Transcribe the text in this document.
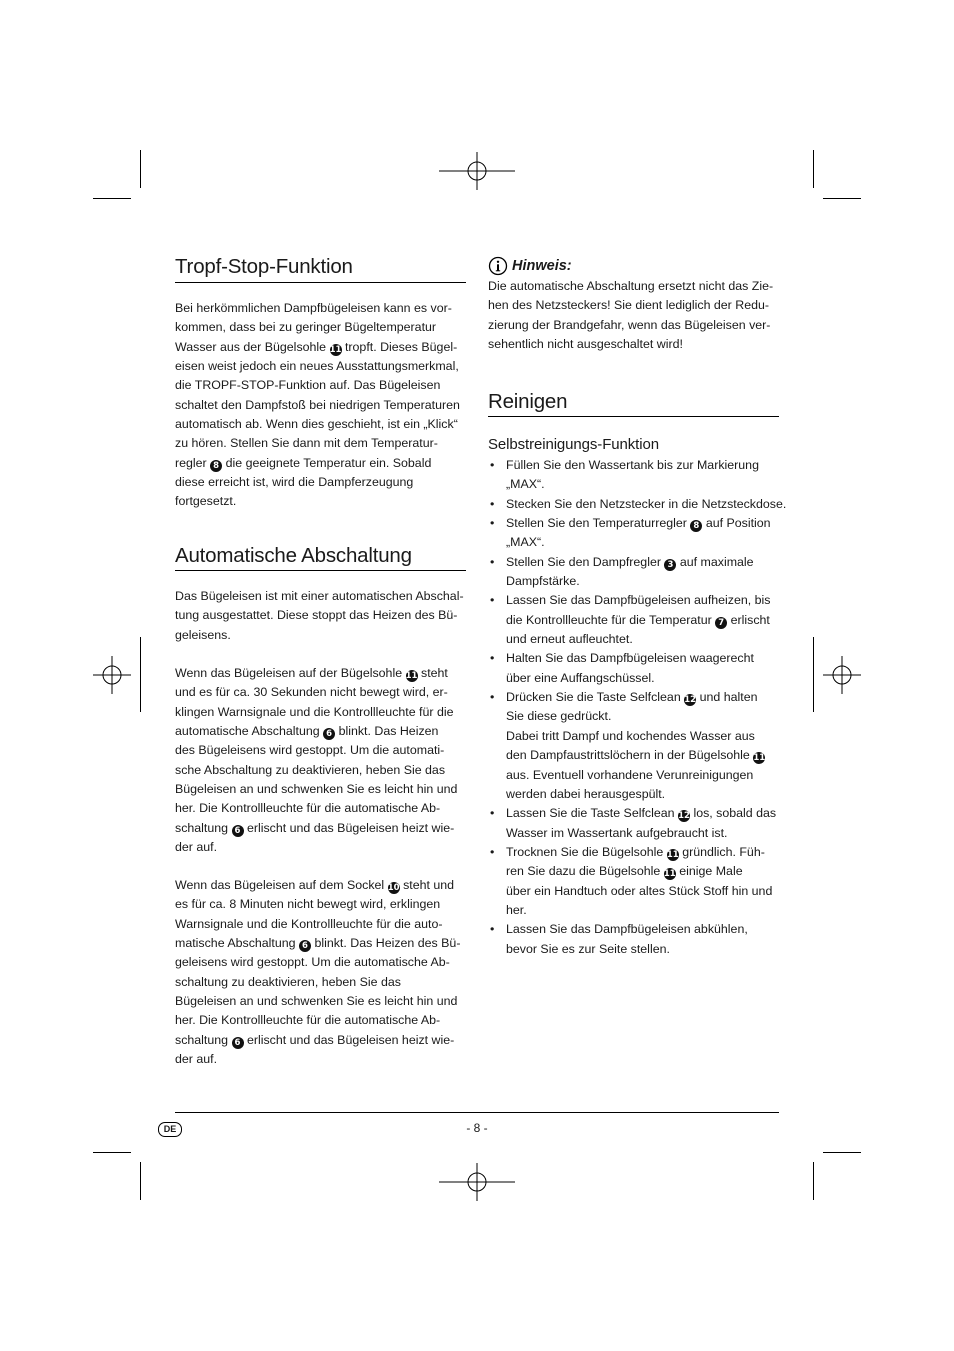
Tropf-Stop-Funktion

Bei herkömmlichen Dampfbügeleisen kann es vor-
kommen, dass bei zu geringer Bügeltemperatur
Wasser aus der Bügelsohle 11 tropft. Dieses Bügel-
eisen weist jedoch ein neues Ausstattungsmerkmal,
die TROPF-STOP-Funktion auf. Das Bügeleisen
schaltet den Dampfstoß bei niedrigen Temperaturen
automatisch ab. Wenn dies geschieht, ist ein „Klick“
zu hören. Stellen Sie dann mit dem Temperatur-
regler 8 die geeignete Temperatur ein. Sobald
diese erreicht ist, wird die Dampferzeugung
fortgesetzt.

Automatische Abschaltung

Das Bügeleisen ist mit einer automatischen Abschal-
tung ausgestattet. Diese stoppt das Heizen des Bü-
geleisens.

Wenn das Bügeleisen auf der Bügelsohle 11 steht
und es für ca. 30 Sekunden nicht bewegt wird, er-
klingen Warnsignale und die Kontrollleuchte für die
automatische Abschaltung 6 blinkt. Das Heizen
des Bügeleisens wird gestoppt. Um die automati-
sche Abschaltung zu deaktivieren, heben Sie das
Bügeleisen an und schwenken Sie es leicht hin und
her. Die Kontrollleuchte für die automatische Ab-
schaltung 6 erlischt und das Bügeleisen heizt wie-
der auf.

Wenn das Bügeleisen auf dem Sockel 10 steht und
es für ca. 8 Minuten nicht bewegt wird, erklingen
Warnsignale und die Kontrollleuchte für die auto-
matische Abschaltung 6 blinkt. Das Heizen des Bü-
geleisens wird gestoppt. Um die automatische Ab-
schaltung zu deaktivieren, heben Sie das
Bügeleisen an und schwenken Sie es leicht hin und
her. Die Kontrollleuchte für die automatische Ab-
schaltung 6 erlischt und das Bügeleisen heizt wie-
der auf.

Hinweis:

Die automatische Abschaltung ersetzt nicht das Zie-
hen des Netzsteckers! Sie dient lediglich der Redu-
zierung der Brandgefahr, wenn das Bügeleisen ver-
sehentlich nicht ausgeschaltet wird!

Reinigen
Selbstreinigungs-Funktion
• Füllen Sie den Wassertank bis zur Markierung
„MAX“.
• Stecken Sie den Netzstecker in die Netzsteckdose.
• Stellen Sie den Temperaturregler 8 auf Position
„MAX“.
• Stellen Sie den Dampfregler 3 auf maximale
Dampfstärke.
• Lassen Sie das Dampfbügeleisen aufheizen, bis
die Kontrollleuchte für die Temperatur 7 erlischt
und erneut aufleuchtet.
• Halten Sie das Dampfbügeleisen waagerecht
über eine Auffangschüssel.
• Drücken Sie die Taste Selfclean 12 und halten
Sie diese gedrückt.
Dabei tritt Dampf und kochendes Wasser aus
den Dampfaustrittslöchern in der Bügelsohle 11
aus. Eventuell vorhandene Verunreinigungen
werden dabei herausgespült.
• Lassen Sie die Taste Selfclean 12 los, sobald das
Wasser im Wassertank aufgebraucht ist.
• Trocknen Sie die Bügelsohle 11 gründlich. Füh-
ren Sie dazu die Bügelsohle 11 einige Male
über ein Handtuch oder altes Stück Stoff hin und
her.
• Lassen Sie das Dampfbügeleisen abkühlen,
bevor Sie es zur Seite stellen.
DE	- 8 -
